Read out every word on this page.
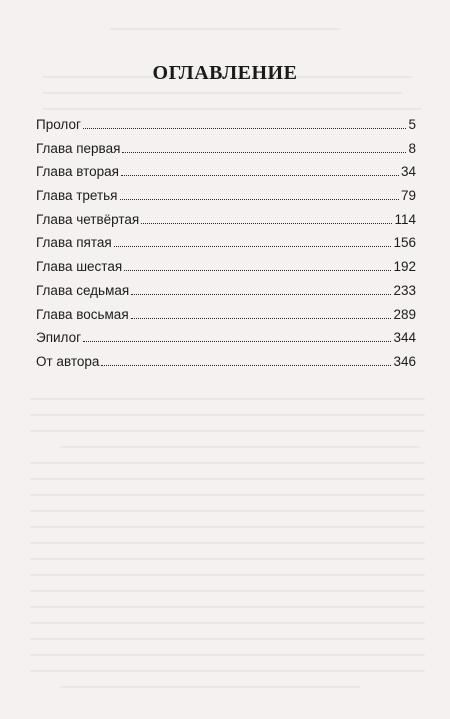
ОГЛАВЛЕНИЕ
Пролог	5
Глава первая	8
Глава вторая	34
Глава третья	79
Глава четвёртая	114
Глава пятая	156
Глава шестая	192
Глава седьмая	233
Глава восьмая	289
Эпилог	344
От автора	346
